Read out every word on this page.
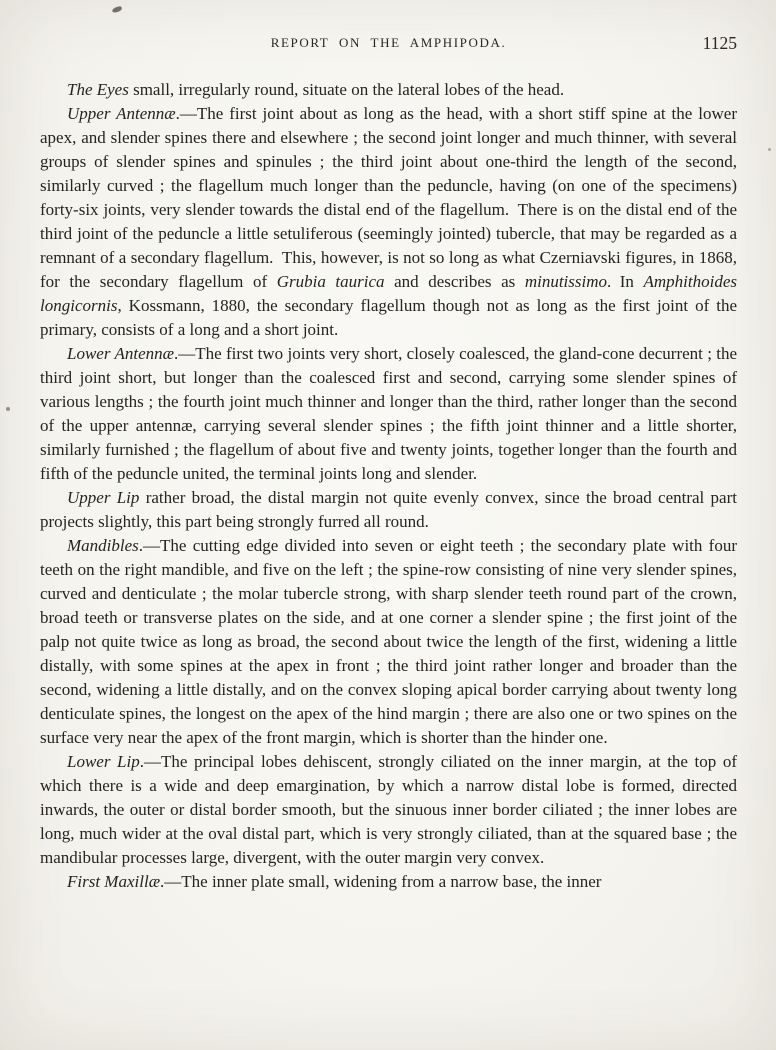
REPORT ON THE AMPHIPODA.	1125

The Eyes small, irregularly round, situate on the lateral lobes of the head.

Upper Antennæ.—The first joint about as long as the head, with a short stiff spine at the lower apex, and slender spines there and elsewhere ; the second joint longer and much thinner, with several groups of slender spines and spinules ; the third joint about one-third the length of the second, similarly curved ; the flagellum much longer than the peduncle, having (on one of the specimens) forty-six joints, very slender towards the distal end of the flagellum. There is on the distal end of the third joint of the peduncle a little setuliferous (seemingly jointed) tubercle, that may be regarded as a remnant of a secondary flagellum. This, however, is not so long as what Czerniavski figures, in 1868, for the secondary flagellum of Grubia taurica and describes as minutissimo. In Amphithoides longicornis, Kossmann, 1880, the secondary flagellum though not as long as the first joint of the primary, consists of a long and a short joint.

Lower Antennæ.—The first two joints very short, closely coalesced, the gland-cone decurrent ; the third joint short, but longer than the coalesced first and second, carrying some slender spines of various lengths ; the fourth joint much thinner and longer than the third, rather longer than the second of the upper antennæ, carrying several slender spines ; the fifth joint thinner and a little shorter, similarly furnished ; the flagellum of about five and twenty joints, together longer than the fourth and fifth of the peduncle united, the terminal joints long and slender.

Upper Lip rather broad, the distal margin not quite evenly convex, since the broad central part projects slightly, this part being strongly furred all round.

Mandibles.—The cutting edge divided into seven or eight teeth ; the secondary plate with four teeth on the right mandible, and five on the left ; the spine-row consisting of nine very slender spines, curved and denticulate ; the molar tubercle strong, with sharp slender teeth round part of the crown, broad teeth or transverse plates on the side, and at one corner a slender spine ; the first joint of the palp not quite twice as long as broad, the second about twice the length of the first, widening a little distally, with some spines at the apex in front ; the third joint rather longer and broader than the second, widening a little distally, and on the convex sloping apical border carrying about twenty long denticulate spines, the longest on the apex of the hind margin ; there are also one or two spines on the surface very near the apex of the front margin, which is shorter than the hinder one.

Lower Lip.—The principal lobes dehiscent, strongly ciliated on the inner margin, at the top of which there is a wide and deep emargination, by which a narrow distal lobe is formed, directed inwards, the outer or distal border smooth, but the sinuous inner border ciliated ; the inner lobes are long, much wider at the oval distal part, which is very strongly ciliated, than at the squared base ; the mandibular processes large, divergent, with the outer margin very convex.

First Maxillæ.—The inner plate small, widening from a narrow base, the inner
